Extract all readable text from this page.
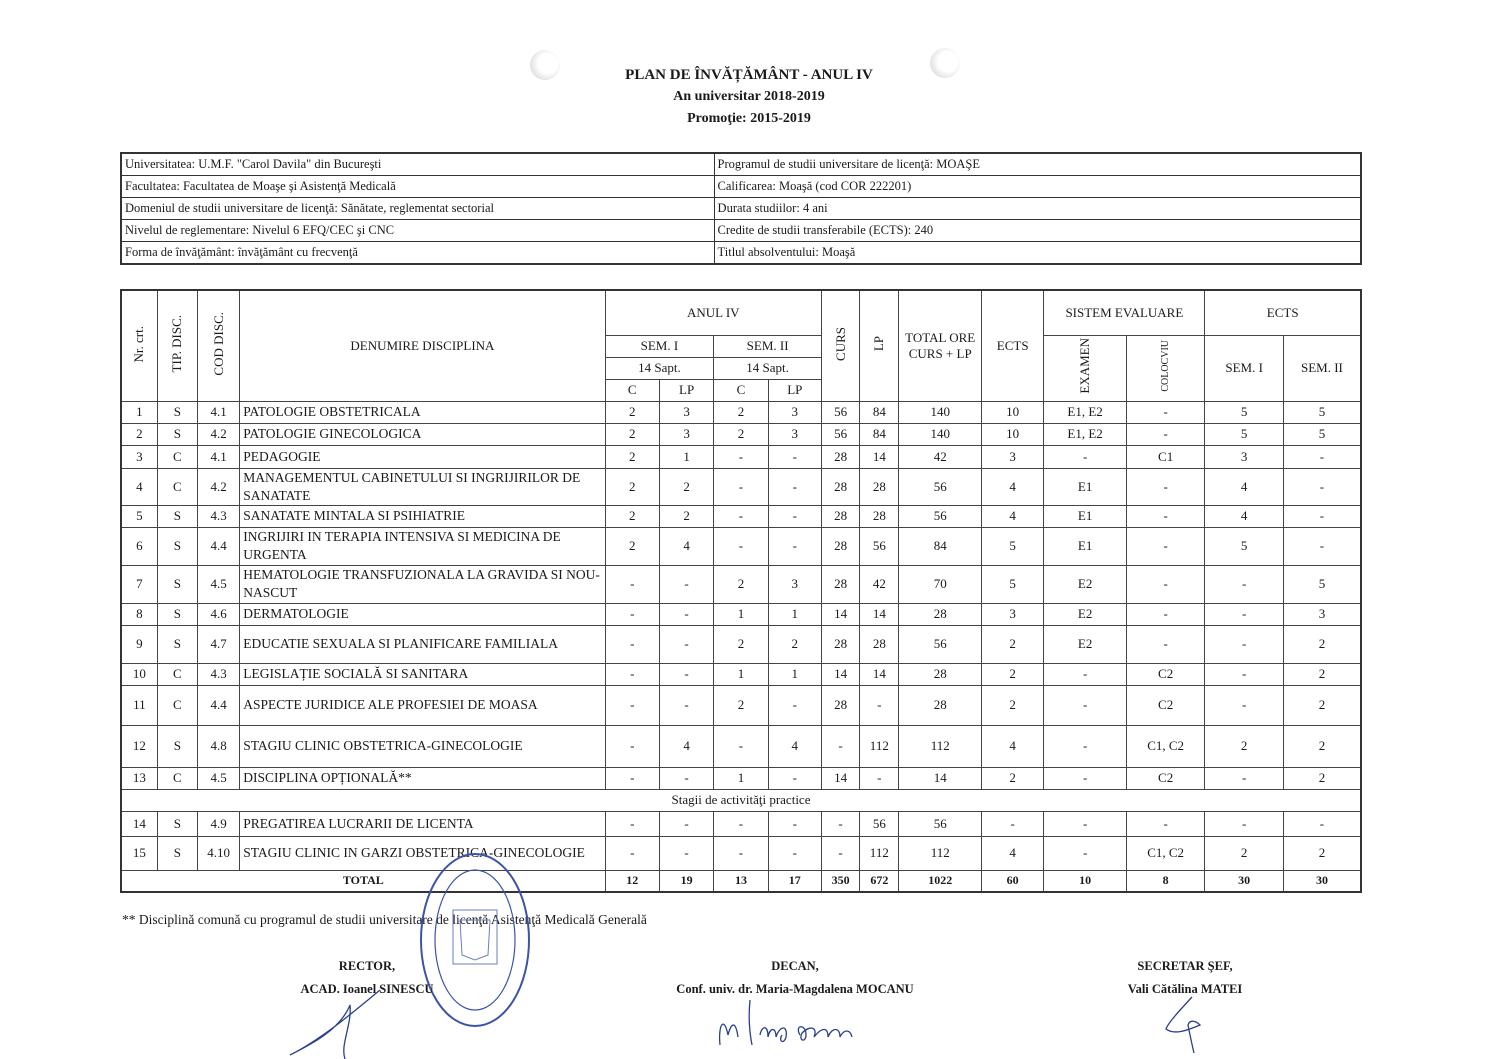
PLAN DE ÎNVĂȚĂMÂNT - ANUL IV
An universitar 2018-2019
Promoţie: 2015-2019
Universitatea: U.M.F. "Carol Davila" din Bucureşti	Programul de studii universitare de licenţă: MOAŞE
Facultatea: Facultatea de Moaşe şi Asistenţă Medicală	Calificarea: Moaşă (cod COR 222201)
Domeniul de studii universitare de licenţă: Sănătate, reglementat sectorial	Durata studiilor: 4 ani
Nivelul de reglementare: Nivelul 6 EFQ/CEC şi CNC	Credite de studii transferabile (ECTS): 240
Forma de învăţământ: învăţământ cu frecvenţă	Titlul absolventului: Moaşă
Nr. crt.	TIP. DISC.	COD DISC.	DENUMIRE DISCIPLINA	ANUL IV				CURS	LP	TOTAL ORE CURS + LP	ECTS	SISTEM EVALUARE		ECTS	
				SEM. I		SEM. II						EXAMEN	COLOCVIU	SEM. I	SEM. II
				14 Sapt.		14 Sapt.									
				C	LP	C	LP								
1	S	4.1	PATOLOGIE OBSTETRICALA	2	3	2	3	56	84	140	10	E1, E2	-	5	5
2	S	4.2	PATOLOGIE GINECOLOGICA	2	3	2	3	56	84	140	10	E1, E2	-	5	5
3	C	4.1	PEDAGOGIE	2	1	-	-	28	14	42	3	-	C1	3	-
4	C	4.2	MANAGEMENTUL CABINETULUI SI INGRIJIRILOR DE SANATATE	2	2	-	-	28	28	56	4	E1	-	4	-
5	S	4.3	SANATATE MINTALA SI PSIHIATRIE	2	2	-	-	28	28	56	4	E1	-	4	-
6	S	4.4	INGRIJIRI IN TERAPIA INTENSIVA SI MEDICINA DE URGENTA	2	4	-	-	28	56	84	5	E1	-	5	-
7	S	4.5	HEMATOLOGIE TRANSFUZIONALA LA GRAVIDA SI NOU-NASCUT	-	-	2	3	28	42	70	5	E2	-	-	5
8	S	4.6	DERMATOLOGIE	-	-	1	1	14	14	28	3	E2	-	-	3
9	S	4.7	EDUCATIE SEXUALA SI PLANIFICARE FAMILIALA	-	-	2	2	28	28	56	2	E2	-	-	2
10	C	4.3	LEGISLAȚIE SOCIALĂ SI SANITARA	-	-	1	1	14	14	28	2	-	C2	-	2
11	C	4.4	ASPECTE JURIDICE ALE PROFESIEI DE MOASA	-	-	2	-	28	-	28	2	-	C2	-	2
12	S	4.8	STAGIU CLINIC OBSTETRICA-GINECOLOGIE	-	4	-	4	-	112	112	4	-	C1, C2	2	2
13	C	4.5	DISCIPLINA OPȚIONALĂ**	-	-	1	-	14	-	14	2	-	C2	-	2
Stagii de activităţi practice															
14	S	4.9	PREGATIREA LUCRARII DE LICENTA	-	-	-	-	-	56	56	-	-	-	-	-
15	S	4.10	STAGIU CLINIC IN GARZI OBSTETRICA-GINECOLOGIE	-	-	-	-	-	112	112	4	-	C1, C2	2	2
TOTAL				12	19	13	17	350	672	1022	60	10	8	30	30
** Disciplină comună cu programul de studii universitare de licenţă Asistenţă Medicală Generală
RECTOR,
ACAD. Ioanel SINESCU
DECAN,
Conf. univ. dr. Maria-Magdalena MOCANU
SECRETAR ŞEF,
Vali Cătălina MATEI
